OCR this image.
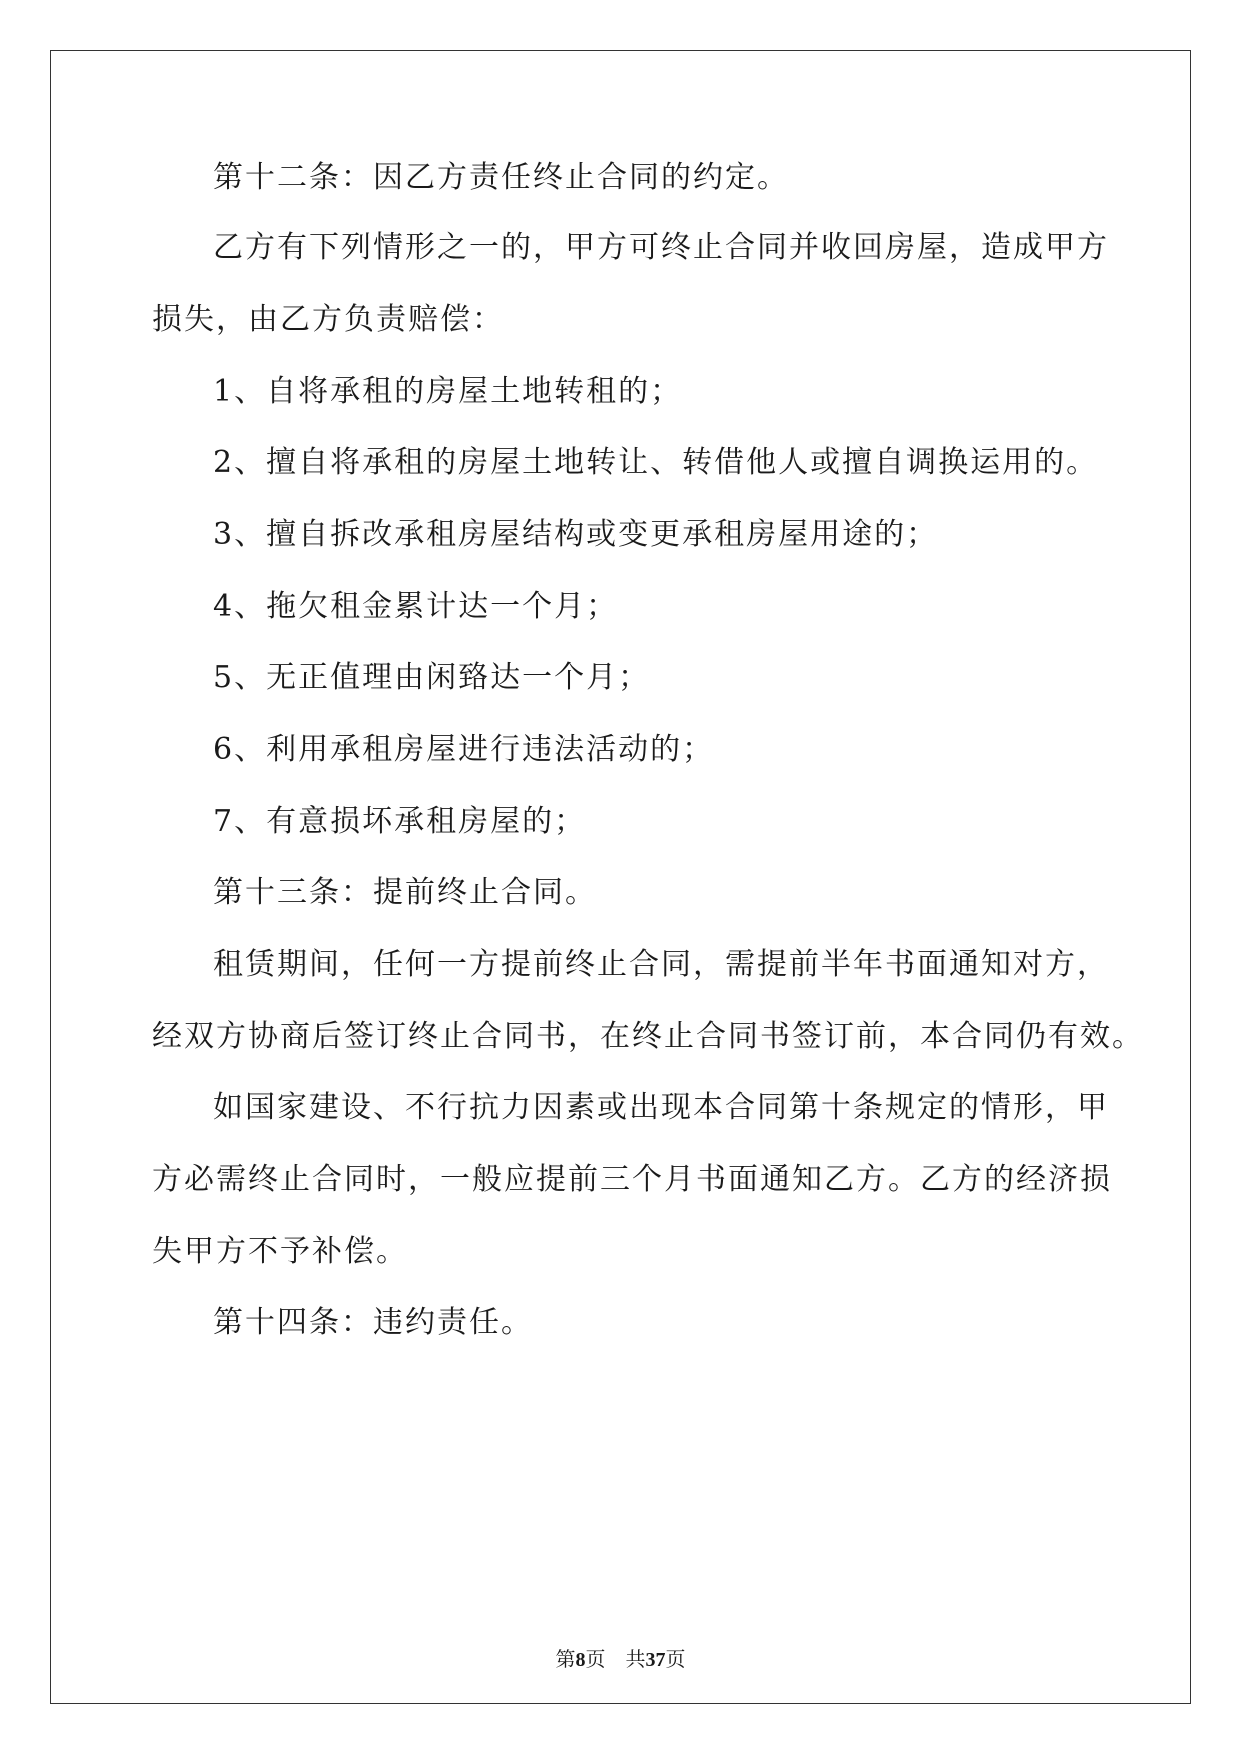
第十二条：因乙方责任终止合同的约定。
乙方有下列情形之一的，甲方可终止合同并收回房屋，造成甲方
损失，由乙方负责赔偿：
1、自将承租的房屋土地转租的；
2、擅自将承租的房屋土地转让、转借他人或擅自调换运用的。
3、擅自拆改承租房屋结构或变更承租房屋用途的；
4、拖欠租金累计达一个月；
5、无正值理由闲臵达一个月；
6、利用承租房屋进行违法活动的；
7、有意损坏承租房屋的；
第十三条：提前终止合同。
租赁期间，任何一方提前终止合同，需提前半年书面通知对方，
经双方协商后签订终止合同书，在终止合同书签订前，本合同仍有效。
如国家建设、不行抗力因素或出现本合同第十条规定的情形，甲
方必需终止合同时，一般应提前三个月书面通知乙方。乙方的经济损
失甲方不予补偿。
第十四条：违约责任。
第8页 共37页
